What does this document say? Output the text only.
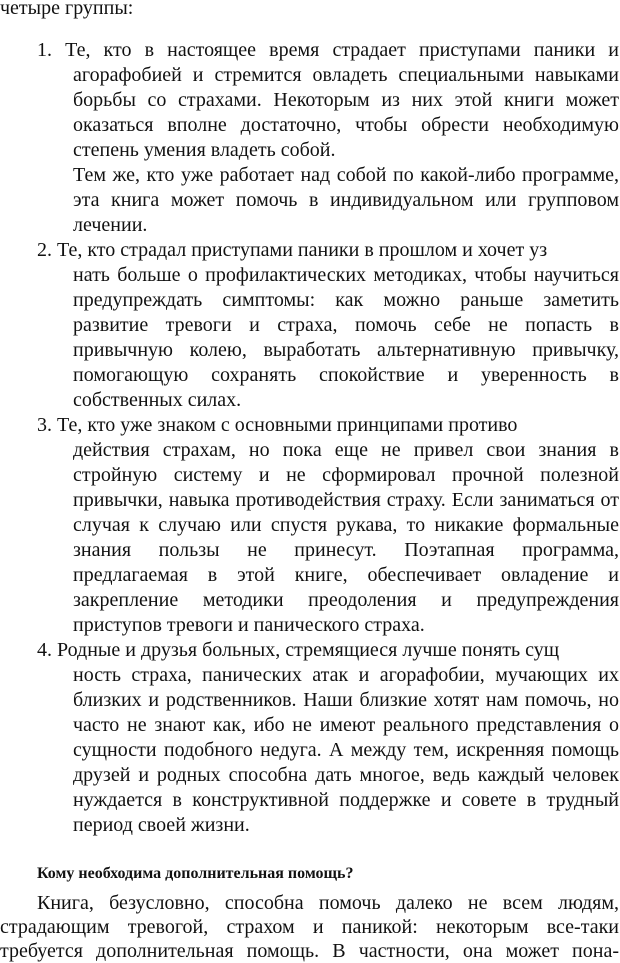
четыре группы:
1. Те, кто в настоящее время страдает приступами паники и
агорафобией и стремится овладеть специальными навыками
борьбы со страхами. Некоторым из них этой книги может
оказаться вполне достаточно, чтобы обрести необходимую
степень умения владеть собой.
Тем же, кто уже работает над собой по какой-либо программе,
эта книга может помочь в индивидуальном или групповом
лечении.
2. Те, кто страдал приступами паники в прошлом и хочет уз
нать больше о профилактических методиках, чтобы научиться
предупреждать симптомы: как можно раньше заметить
развитие тревоги и страха, помочь себе не попасть в
привычную колею, выработать альтернативную привычку,
помогающую сохранять спокойствие и уверенность в
собственных силах.
3. Те, кто уже знаком с основными принципами противо
действия страхам, но пока еще не привел свои знания в
стройную систему и не сформировал прочной полезной
привычки, навыка противодействия страху. Если заниматься от
случая к случаю или спустя рукава, то никакие формальные
знания пользы не принесут. Поэтапная программа,
предлагаемая в этой книге, обеспечивает овладение и
закрепление методики преодоления и предупреждения
приступов тревоги и панического страха.
4. Родные и друзья больных, стремящиеся лучше понять сущ
ность страха, панических атак и агорафобии, мучающих их
близких и родственников. Наши близкие хотят нам помочь, но
часто не знают как, ибо не имеют реального представления о
сущности подобного недуга. А между тем, искренняя помощь
друзей и родных способна дать многое, ведь каждый человек
нуждается в конструктивной поддержке и совете в трудный
период своей жизни.
Кому необходима дополнительная помощь?
Книга, безусловно, способна помочь далеко не всем людям,
страдающим тревогой, страхом и паникой: некоторым все-таки
требуется дополнительная помощь. В частности, она может пона-
